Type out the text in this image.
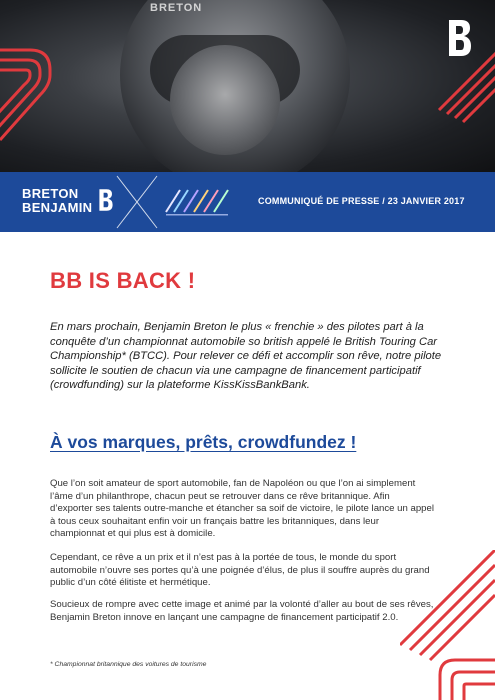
BRETON
BRETON
BENJAMIN	COMMUNIQUÉ DE PRESSE / 23 JANVIER 2017
BB IS BACK !

En mars prochain, Benjamin Breton le plus « frenchie » des pilotes part à la conquête d’un championnat automobile so british appelé le British Touring Car Championship* (BTCC). Pour relever ce défi et accomplir son rêve, notre pilote sollicite le soutien de chacun via une campagne de financement participatif (crowdfunding) sur la plateforme KissKissBankBank.

À vos marques, prêts, crowdfundez !

Que l’on soit amateur de sport automobile, fan de Napoléon ou que l’on ai simplement l’âme d’un philanthrope, chacun peut se retrouver dans ce rêve britannique. Afin d’exporter ses talents outre-manche et étancher sa soif de victoire, le pilote lance un appel à tous ceux souhaitant enfin voir un français battre les britanniques, dans leur championnat et qui plus est à domicile.

Cependant, ce rêve a un prix et il n’est pas à la portée de tous, le monde du sport automobile n’ouvre ses portes qu’à une poignée d’élus, de plus il souffre auprès du grand public d’un côté élitiste et hermétique.

Soucieux de rompre avec cette image et animé par la volonté d’aller au bout de ses rêves, Benjamin Breton innove en lançant une campagne de financement participatif 2.0.

* Championnat britannique des voitures de tourisme
